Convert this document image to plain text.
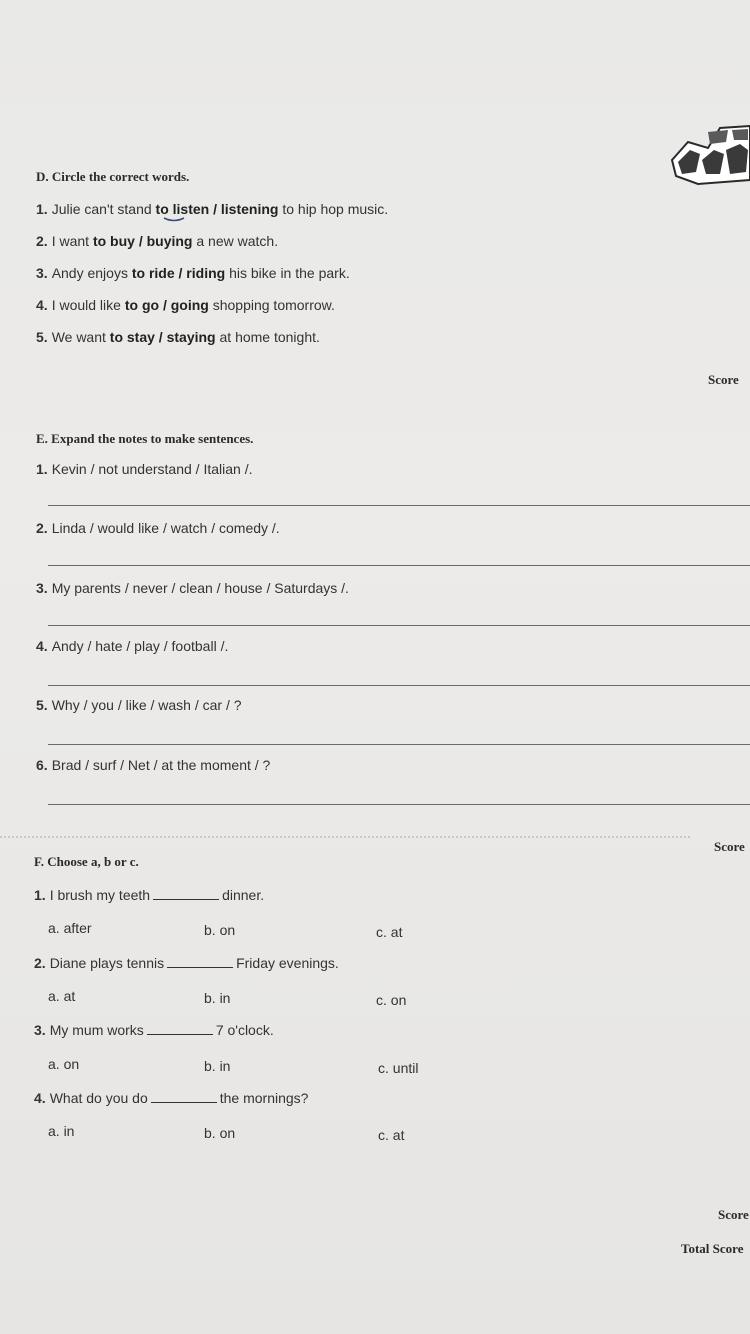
D. Circle the correct words.
1. Julie can't stand to listen / listening to hip hop music.
2. I want to buy / buying a new watch.
3. Andy enjoys to ride / riding his bike in the park.
4. I would like to go / going shopping tomorrow.
5. We want to stay / staying at home tonight.
Score
E. Expand the notes to make sentences.
1. Kevin / not understand / Italian /.
2. Linda / would like / watch / comedy /.
3. My parents / never / clean / house / Saturdays /.
4. Andy / hate / play / football /.
5. Why / you / like / wash / car / ?
6. Brad / surf / Net / at the moment / ?
Score
F. Choose a, b or c.
1. I brush my teeth	dinner.
a. after	b. on	c. at
2. Diane plays tennis	Friday evenings.
a. at	b. in	c. on
3. My mum works	7 o'clock.
a. on	b. in	c. until
4. What do you do	the mornings?
a. in	b. on	c. at
Score
Total Score
